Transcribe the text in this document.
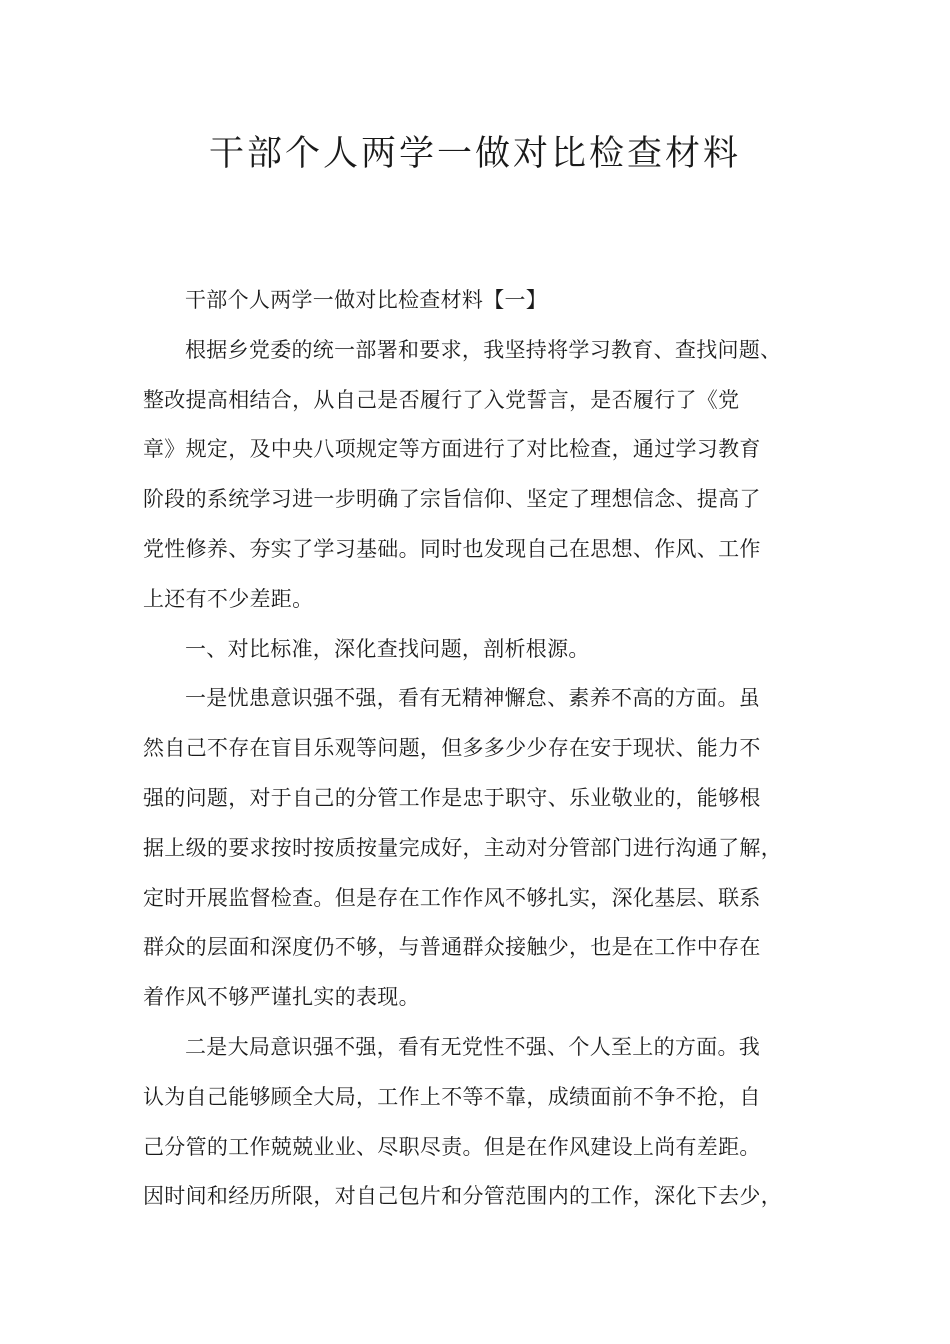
干部个人两学一做对比检查材料

干部个人两学一做对比检查材料【一】

根据乡党委的统一部署和要求，我坚持将学习教育、查找问题、
整改提高相结合，从自己是否履行了入党誓言，是否履行了《党
章》规定，及中央八项规定等方面进行了对比检查，通过学习教育
阶段的系统学习进一步明确了宗旨信仰、坚定了理想信念、提高了
党性修养、夯实了学习基础。同时也发现自己在思想、作风、工作
上还有不少差距。

一、对比标准，深化查找问题，剖析根源。

一是忧患意识强不强，看有无精神懈怠、素养不高的方面。虽
然自己不存在盲目乐观等问题，但多多少少存在安于现状、能力不
强的问题，对于自己的分管工作是忠于职守、乐业敬业的，能够根
据上级的要求按时按质按量完成好，主动对分管部门进行沟通了解，
定时开展监督检查。但是存在工作作风不够扎实，深化基层、联系
群众的层面和深度仍不够，与普通群众接触少，也是在工作中存在
着作风不够严谨扎实的表现。

二是大局意识强不强，看有无党性不强、个人至上的方面。我
认为自己能够顾全大局，工作上不等不靠，成绩面前不争不抢，自
己分管的工作兢兢业业、尽职尽责。但是在作风建设上尚有差距。
因时间和经历所限，对自己包片和分管范围内的工作，深化下去少，
